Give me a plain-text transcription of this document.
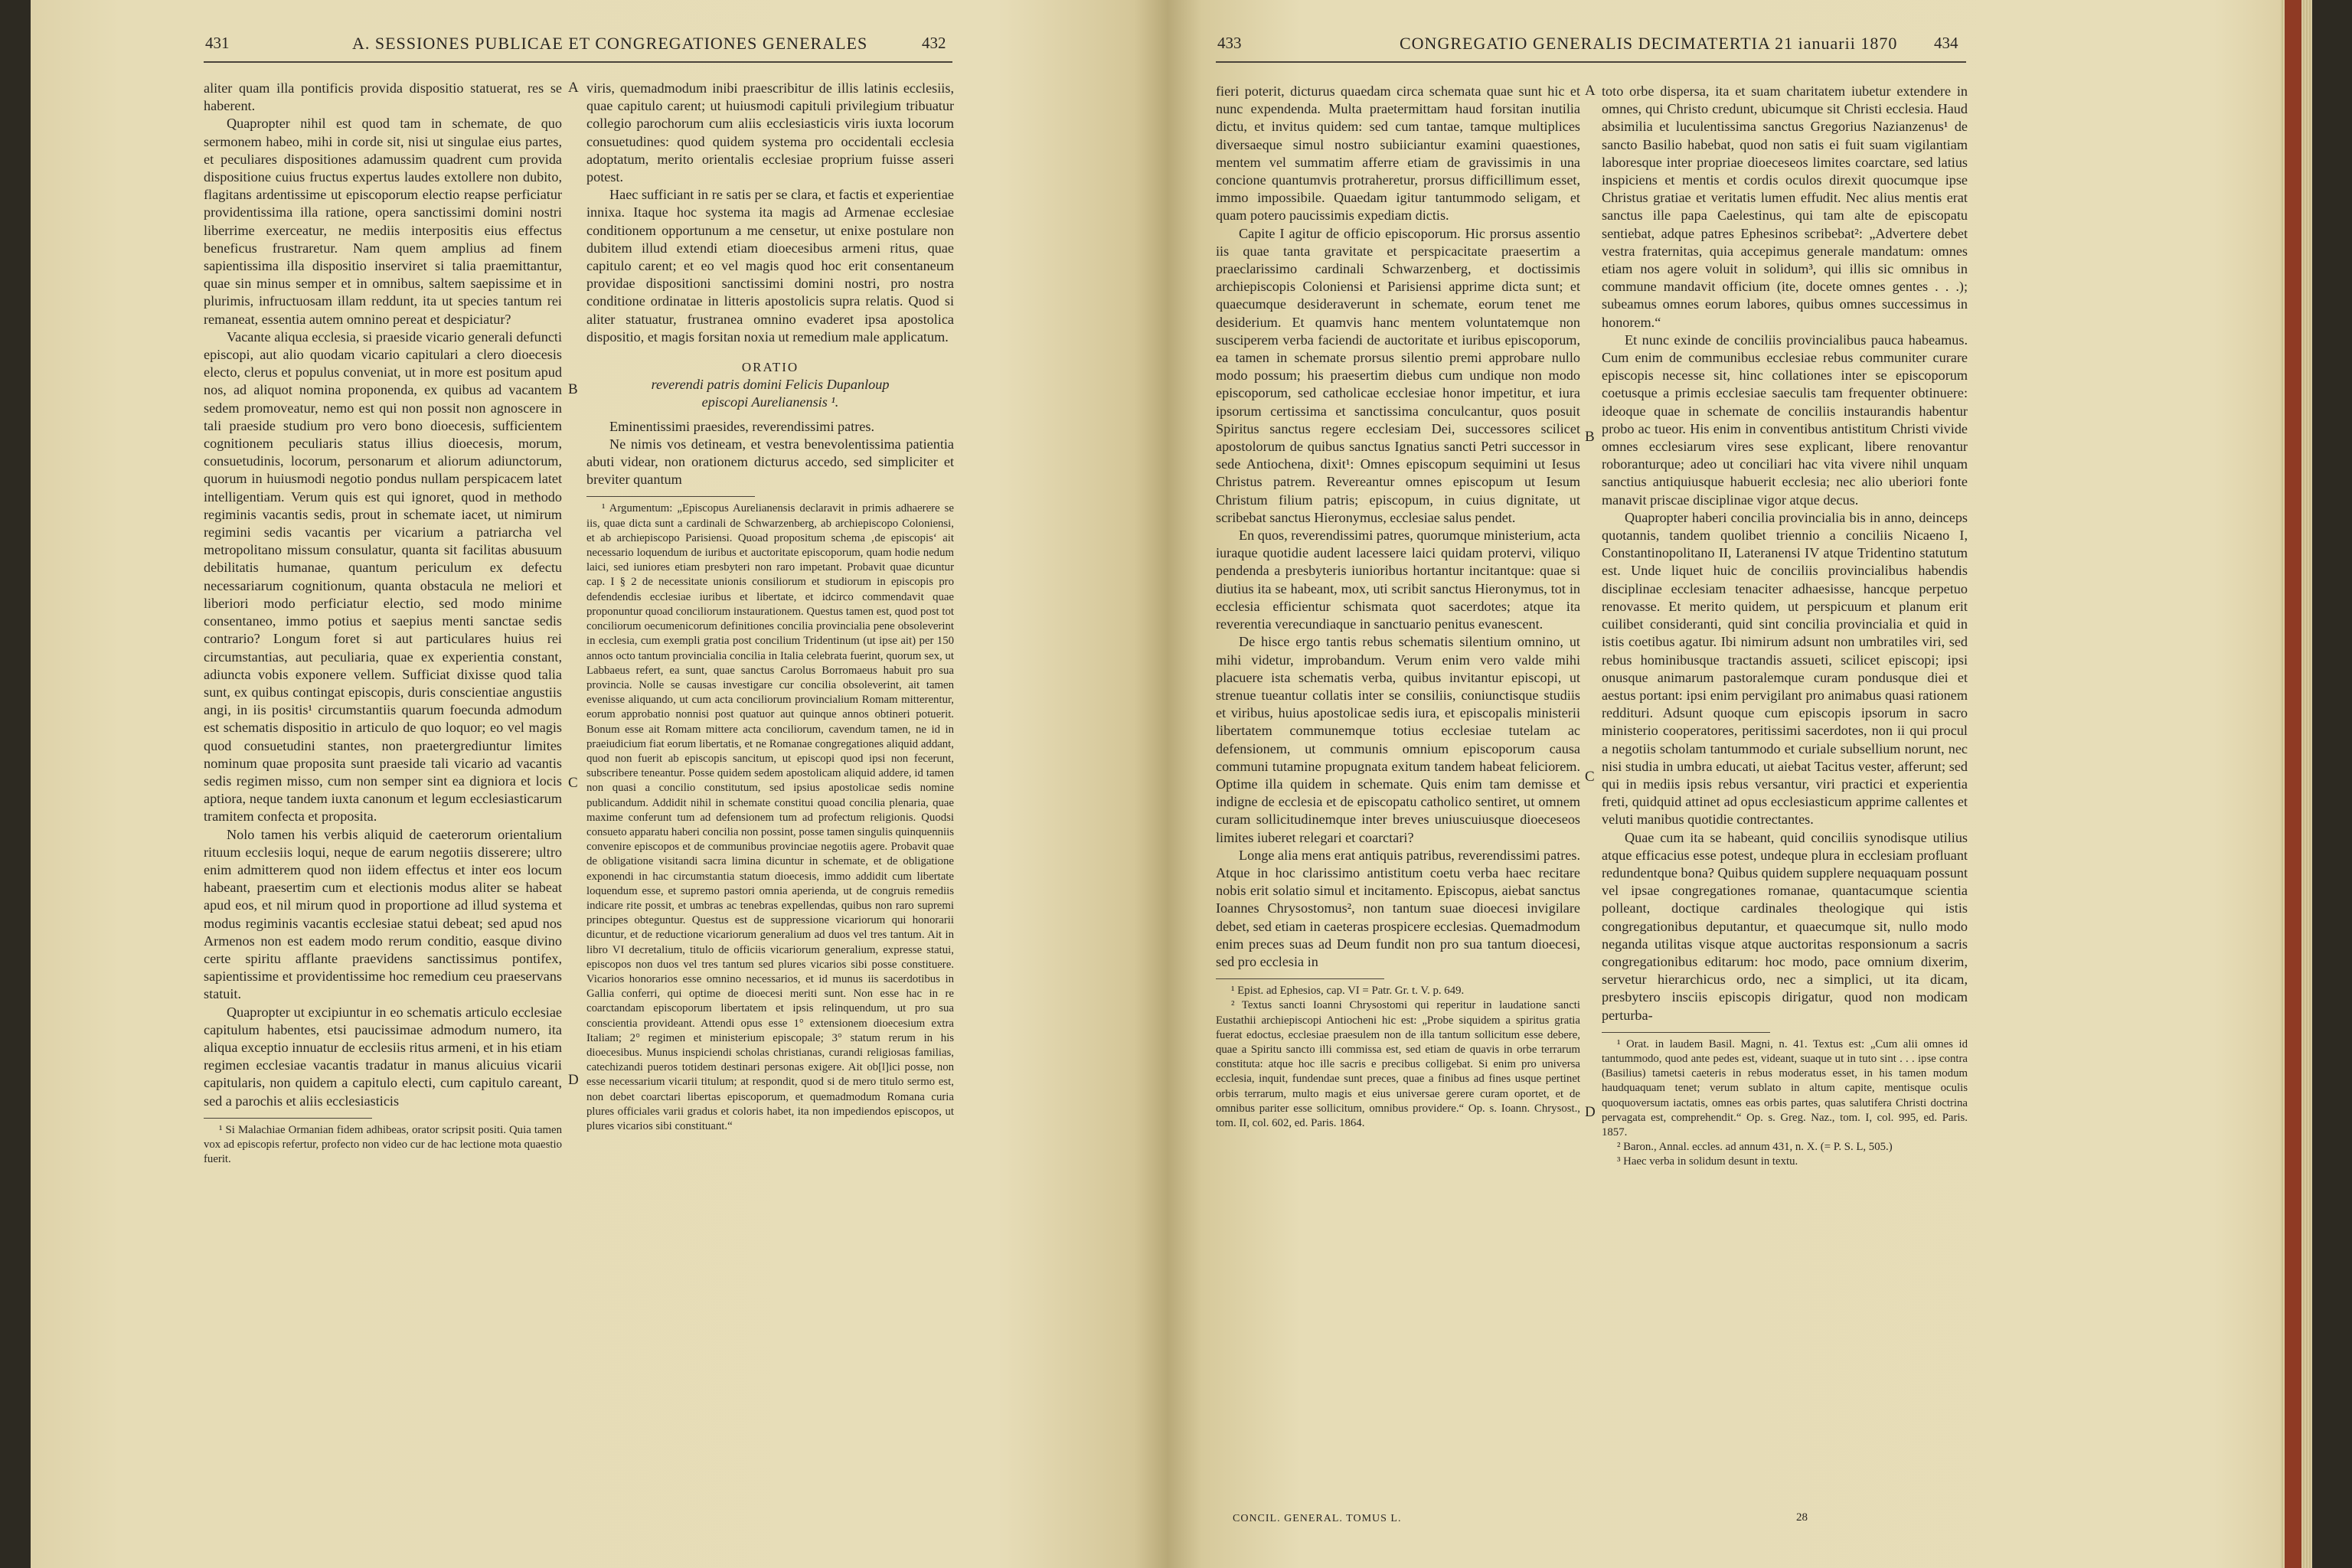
431	A. SESSIONES PUBLICAE ET CONGREGATIONES GENERALES	432

aliter quam illa pontificis provida dispositio statuerat, res se haberent.

Quapropter nihil est quod tam in schemate, de quo sermonem habeo, mihi in corde sit, nisi ut singulae eius partes, et peculiares dispositiones adamussim quadrent cum provida dispositione cuius fructus expertus laudes extollere non dubito, flagitans ardentissime ut episcoporum electio reapse perficiatur providentissima illa ratione, opera sanctissimi domini nostri liberrime exerceatur, ne mediis interpositis eius effectus beneficus frustraretur. Nam quem amplius ad finem sapientissima illa dispositio inserviret si talia praemittantur, quae sin minus semper et in omnibus, saltem saepissime et in plurimis, infructuosam illam reddunt, ita ut species tantum rei remaneat, essentia autem omnino pereat et despiciatur?

Vacante aliqua ecclesia, si praeside vicario generali defuncti episcopi, aut alio quodam vicario capitulari a clero dioecesis electo, clerus et populus conveniat, ut in more est positum apud nos, ad aliquot nomina proponenda, ex quibus ad vacantem sedem promoveatur, nemo est qui non possit non agnoscere in tali praeside studium pro vero bono dioecesis, sufficientem cognitionem peculiaris status illius dioecesis, morum, consuetudinis, locorum, personarum et aliorum adiunctorum, quorum in huiusmodi negotio pondus nullam perspicacem latet intelligentiam. Verum quis est qui ignoret, quod in methodo regiminis vacantis sedis, prout in schemate iacet, ut nimirum regimini sedis vacantis per vicarium a patriarcha vel metropolitano missum consulatur, quanta sit facilitas abusuum debilitatis humanae, quantum periculum ex defectu necessariarum cognitionum, quanta obstacula ne meliori et liberiori modo perficiatur electio, sed modo minime consentaneo, immo potius et saepius menti sanctae sedis contrario? Longum foret si aut particulares huius rei circumstantias, aut peculiaria, quae ex experientia constant, adiuncta vobis exponere vellem. Sufficiat dixisse quod talia sunt, ex quibus contingat episcopis, duris conscientiae angustiis angi, in iis positis¹ circumstantiis quarum foecunda admodum est schematis dispositio in articulo de quo loquor; eo vel magis quod consuetudini stantes, non praetergrediuntur limites nominum quae proposita sunt praeside tali vicario ad vacantis sedis regimen misso, cum non semper sint ea digniora et locis aptiora, neque tandem iuxta canonum et legum ecclesiasticarum tramitem confecta et proposita.

Nolo tamen his verbis aliquid de caeterorum orientalium rituum ecclesiis loqui, neque de earum negotiis disserere; ultro enim admitterem quod non iidem effectus et inter eos locum habeant, praesertim cum et electionis modus aliter se habeat apud eos, et nil mirum quod in proportione ad illud systema et modus regiminis vacantis ecclesiae statui debeat; sed apud nos Armenos non est eadem modo rerum conditio, easque divino certe spiritu afflante praevidens sanctissimus pontifex, sapientissime et providentissime hoc remedium ceu praeservans statuit.

Quapropter ut excipiuntur in eo schematis articulo ecclesiae capitulum habentes, etsi paucissimae admodum numero, ita aliqua exceptio innuatur de ecclesiis ritus armeni, et in his etiam regimen ecclesiae vacantis tradatur in manus alicuius vicarii capitularis, non quidem a capitulo electi, cum capitulo careant, sed a parochis et aliis ecclesiasticis

¹ Si Malachiae Ormanian fidem adhibeas, orator scripsit positi. Quia tamen vox ad episcopis refertur, profecto non video cur de hac lectione mota quaestio fuerit.

A
B
C
D

viris, quemadmodum inibi praescribitur de illis latinis ecclesiis, quae capitulo carent; ut huiusmodi capituli privilegium tribuatur collegio parochorum cum aliis ecclesiasticis viris iuxta locorum consuetudines: quod quidem systema pro occidentali ecclesia adoptatum, merito orientalis ecclesiae proprium fuisse asseri potest.

Haec sufficiant in re satis per se clara, et factis et experientiae innixa. Itaque hoc systema ita magis ad Armenae ecclesiae conditionem opportunum a me censetur, ut enixe postulare non dubitem illud extendi etiam dioecesibus armeni ritus, quae capitulo carent; et eo vel magis quod hoc erit consentaneum providae dispositioni sanctissimi domini nostri, pro nostra conditione ordinatae in litteris apostolicis supra relatis. Quod si aliter statuatur, frustranea omnino evaderet ipsa apostolica dispositio, et magis forsitan noxia ut remedium male applicatum.

ORATIO

reverendi patris domini Felicis Dupanloup

episcopi Aurelianensis ¹.

Eminentissimi praesides, reverendissimi patres.

Ne nimis vos detineam, et vestra benevolentissima patientia abuti videar, non orationem dicturus accedo, sed simpliciter et breviter quantum

¹ Argumentum: „Episcopus Aurelianensis declaravit in primis adhaerere se iis, quae dicta sunt a cardinali de Schwarzenberg, ab archiepiscopo Coloniensi, et ab archiepiscopo Parisiensi. Quoad propositum schema ‚de episcopis‘ ait necessario loquendum de iuribus et auctoritate episcoporum, quam hodie nedum laici, sed iuniores etiam presbyteri non raro impetant. Probavit quae dicuntur cap. I § 2 de necessitate unionis consiliorum et studiorum in episcopis pro defendendis ecclesiae iuribus et libertate, et idcirco commendavit quae proponuntur quoad conciliorum instaurationem. Questus tamen est, quod post tot conciliorum oecumenicorum definitiones concilia provincialia pene obsoleverint in ecclesia, cum exempli gratia post concilium Tridentinum (ut ipse ait) per 150 annos octo tantum provincialia concilia in Italia celebrata fuerint, quorum sex, ut Labbaeus refert, ea sunt, quae sanctus Carolus Borromaeus habuit pro sua provincia. Nolle se causas investigare cur concilia obsoleverint, ait tamen evenisse aliquando, ut cum acta conciliorum provincialium Romam mitterentur, eorum approbatio nonnisi post quatuor aut quinque annos obtineri potuerit. Bonum esse ait Romam mittere acta conciliorum, cavendum tamen, ne id in praeiudicium fiat eorum libertatis, et ne Romanae congregationes aliquid addant, quod non fuerit ab episcopis sancitum, ut episcopi quod ipsi non fecerunt, subscribere teneantur. Posse quidem sedem apostolicam aliquid addere, id tamen non quasi a concilio constitutum, sed ipsius apostolicae sedis nomine publicandum. Addidit nihil in schemate constitui quoad concilia plenaria, quae maxime conferunt tum ad defensionem tum ad profectum religionis. Quodsi consueto apparatu haberi concilia non possint, posse tamen singulis quinquenniis convenire episcopos et de communibus provinciae negotiis agere. Probavit quae de obligatione visitandi sacra limina dicuntur in schemate, et de obligatione exponendi in hac circumstantia statum dioecesis, immo addidit cum libertate loquendum esse, et supremo pastori omnia aperienda, ut de congruis remediis indicare rite possit, et umbras ac tenebras expellendas, quibus non raro supremi principes obteguntur. Questus est de suppressione vicariorum qui honorarii dicuntur, et de reductione vicariorum generalium ad duos vel tres tantum. Ait in libro VI decretalium, titulo de officiis vicariorum generalium, expresse statui, episcopos non duos vel tres tantum sed plures vicarios sibi posse constituere. Vicarios honorarios esse omnino necessarios, et id munus iis sacerdotibus in Gallia conferri, qui optime de dioecesi meriti sunt. Non esse hac in re coarctandam episcoporum libertatem et ipsis relinquendum, ut pro sua conscientia provideant. Attendi opus esse 1° extensionem dioecesium extra Italiam; 2° regimen et ministerium episcopale; 3° statum rerum in his dioecesibus. Munus inspiciendi scholas christianas, curandi religiosas familias, catechizandi pueros totidem destinari personas exigere. Ait ob[l]ici posse, non esse necessarium vicarii titulum; at respondit, quod si de mero titulo sermo est, non debet coarctari libertas episcoporum, et quemadmodum Romana curia plures officiales varii gradus et coloris habet, ita non impediendos episcopos, ut plures vicarios sibi constituant.“

433	CONGREGATIO GENERALIS DECIMATERTIA 21 ianuarii 1870 434

fieri poterit, dicturus quaedam circa schemata quae sunt hic et nunc expendenda. Multa praetermittam haud forsitan inutilia dictu, et invitus quidem: sed cum tantae, tamque multiplices diversaeque simul nostro subiiciantur examini quaestiones, mentem vel summatim afferre etiam de gravissimis in una concione quantumvis protraheretur, prorsus difficillimum esset, immo impossibile. Quaedam igitur tantummodo seligam, et quam potero paucissimis expediam dictis.

Capite I agitur de officio episcoporum. Hic prorsus assentio iis quae tanta gravitate et perspicacitate praesertim a praeclarissimo cardinali Schwarzenberg, et doctissimis archiepiscopis Coloniensi et Parisiensi apprime dicta sunt; et quaecumque desideraverunt in schemate, eorum tenet me desiderium. Et quamvis hanc mentem voluntatemque non susciperem verba faciendi de auctoritate et iuribus episcoporum, ea tamen in schemate prorsus silentio premi approbare nullo modo possum; his praesertim diebus cum undique non modo episcoporum, sed catholicae ecclesiae honor impetitur, et iura ipsorum certissima et sanctissima conculcantur, quos posuit Spiritus sanctus regere ecclesiam Dei, successores scilicet apostolorum de quibus sanctus Ignatius sancti Petri successor in sede Antiochena, dixit¹: Omnes episcopum sequimini ut Iesus Christus patrem. Revereantur omnes episcopum ut Iesum Christum filium patris; episcopum, in cuius dignitate, ut scribebat sanctus Hieronymus, ecclesiae salus pendet.

En quos, reverendissimi patres, quorumque ministerium, acta iuraque quotidie audent lacessere laici quidam protervi, viliquo pendenda a presbyteris iunioribus hortantur incitantque: quae si diutius ita se habeant, mox, uti scribit sanctus Hieronymus, tot in ecclesia efficientur schismata quot sacerdotes; atque ita reverentia verecundiaque in sanctuario penitus evanescent.

De hisce ergo tantis rebus schematis silentium omnino, ut mihi videtur, improbandum. Verum enim vero valde mihi placuere ista schematis verba, quibus invitantur episcopi, ut strenue tueantur collatis inter se consiliis, coniunctisque studiis et viribus, huius apostolicae sedis iura, et episcopalis ministerii libertatem communemque totius ecclesiae tutelam ac defensionem, ut communis omnium episcoporum causa communi tutamine propugnata exitum tandem habeat feliciorem. Optime illa quidem in schemate. Quis enim tam demisse et indigne de ecclesia et de episcopatu catholico sentiret, ut omnem curam sollicitudinemque inter breves uniuscuiusque dioeceseos limites iuberet relegari et coarctari?

Longe alia mens erat antiquis patribus, reverendissimi patres. Atque in hoc clarissimo antistitum coetu verba haec recitare nobis erit solatio simul et incitamento. Episcopus, aiebat sanctus Ioannes Chrysostomus², non tantum suae dioecesi invigilare debet, sed etiam in caeteras prospicere ecclesias. Quemadmodum enim preces suas ad Deum fundit non pro sua tantum dioecesi, sed pro ecclesia in

¹ Epist. ad Ephesios, cap. VI = Patr. Gr. t. V. p. 649.

² Textus sancti Ioanni Chrysostomi qui reperitur in laudatione sancti Eustathii archiepiscopi Antiocheni hic est: „Probe siquidem a spiritus gratia fuerat edoctus, ecclesiae praesulem non de illa tantum sollicitum esse debere, quae a Spiritu sancto illi commissa est, sed etiam de quavis in orbe terrarum constituta: atque hoc ille sacris e precibus colligebat. Si enim pro universa ecclesia, inquit, fundendae sunt preces, quae a finibus ad fines usque pertinet orbis terrarum, multo magis et eius universae gerere curam oportet, et de omnibus pariter esse sollicitum, omnibus providere.“ Op. s. Ioann. Chrysost., tom. II, col. 602, ed. Paris. 1864.

A
B
C
D

toto orbe dispersa, ita et suam charitatem iubetur extendere in omnes, qui Christo credunt, ubicumque sit Christi ecclesia. Haud absimilia et luculentissima sanctus Gregorius Nazianzenus¹ de sancto Basilio habebat, quod non satis ei fuit suam vigilantiam laboresque inter propriae dioeceseos limites coarctare, sed latius inspiciens et mentis et cordis oculos direxit quocumque ipse Christus gratiae et veritatis lumen effudit. Nec alius mentis erat sanctus ille papa Caelestinus, qui tam alte de episcopatu sentiebat, adque patres Ephesinos scribebat²: „Advertere debet vestra fraternitas, quia accepimus generale mandatum: omnes etiam nos agere voluit in solidum³, qui illis sic omnibus in commune mandavit officium (ite, docete omnes gentes . . .); subeamus omnes eorum labores, quibus omnes successimus in honorem.“

Et nunc exinde de conciliis provincialibus pauca habeamus. Cum enim de communibus ecclesiae rebus communiter curare episcopis necesse sit, hinc collationes inter se episcoporum coetusque a primis ecclesiae saeculis tam frequenter obtinuere: ideoque quae in schemate de conciliis instaurandis habentur probo ac tueor. His enim in conventibus antistitum Christi vivide omnes ecclesiarum vires sese explicant, libere renovantur roboranturque; adeo ut conciliari hac vita vivere nihil unquam sanctius antiquiusque habuerit ecclesia; nec alio uberiori fonte manavit priscae disciplinae vigor atque decus.

Quapropter haberi concilia provincialia bis in anno, deinceps quotannis, tandem quolibet triennio a conciliis Nicaeno I, Constantinopolitano II, Lateranensi IV atque Tridentino statutum est. Unde liquet huic de conciliis provincialibus habendis disciplinae ecclesiam tenaciter adhaesisse, hancque perpetuo renovasse. Et merito quidem, ut perspicuum et planum erit cuilibet consideranti, quid sint concilia provincialia et quid in istis coetibus agatur. Ibi nimirum adsunt non umbratiles viri, sed rebus hominibusque tractandis assueti, scilicet episcopi; ipsi onusque animarum pastoralemque curam pondusque diei et aestus portant: ipsi enim pervigilant pro animabus quasi rationem reddituri. Adsunt quoque cum episcopis ipsorum in sacro ministerio cooperatores, peritissimi sacerdotes, non ii qui procul a negotiis scholam tantummodo et curiale subsellium norunt, nec nisi studia in umbra educati, ut aiebat Tacitus vester, afferunt; sed qui in mediis ipsis rebus versantur, viri practici et experientia freti, quidquid attinet ad opus ecclesiasticum apprime callentes et veluti manibus quotidie contrectantes.

Quae cum ita se habeant, quid conciliis synodisque utilius atque efficacius esse potest, undeque plura in ecclesiam profluant redundentque bona? Quibus quidem supplere nequaquam possunt vel ipsae congregationes romanae, quantacumque scientia polleant, doctique cardinales theologique qui istis congregationibus deputantur, et quaecumque sit, nullo modo neganda utilitas visque atque auctoritas responsionum a sacris congregationibus editarum: hoc modo, pace omnium dixerim, servetur hierarchicus ordo, nec a simplici, ut ita dicam, presbytero insciis episcopis dirigatur, quod non modicam perturba-

¹ Orat. in laudem Basil. Magni, n. 41. Textus est: „Cum alii omnes id tantummodo, quod ante pedes est, videant, suaque ut in tuto sint . . . ipse contra (Basilius) tametsi caeteris in rebus moderatus esset, in his tamen modum haudquaquam tenet; verum sublato in altum capite, mentisque oculis quoquoversum iactatis, omnes eas orbis partes, quas salutifera Christi doctrina pervagata est, comprehendit.“ Op. s. Greg. Naz., tom. I, col. 995, ed. Paris. 1857.

² Baron., Annal. eccles. ad annum 431, n. X. (= P. S. L, 505.)

³ Haec verba in solidum desunt in textu.

CONCIL. GENERAL. TOMUS L.	28
